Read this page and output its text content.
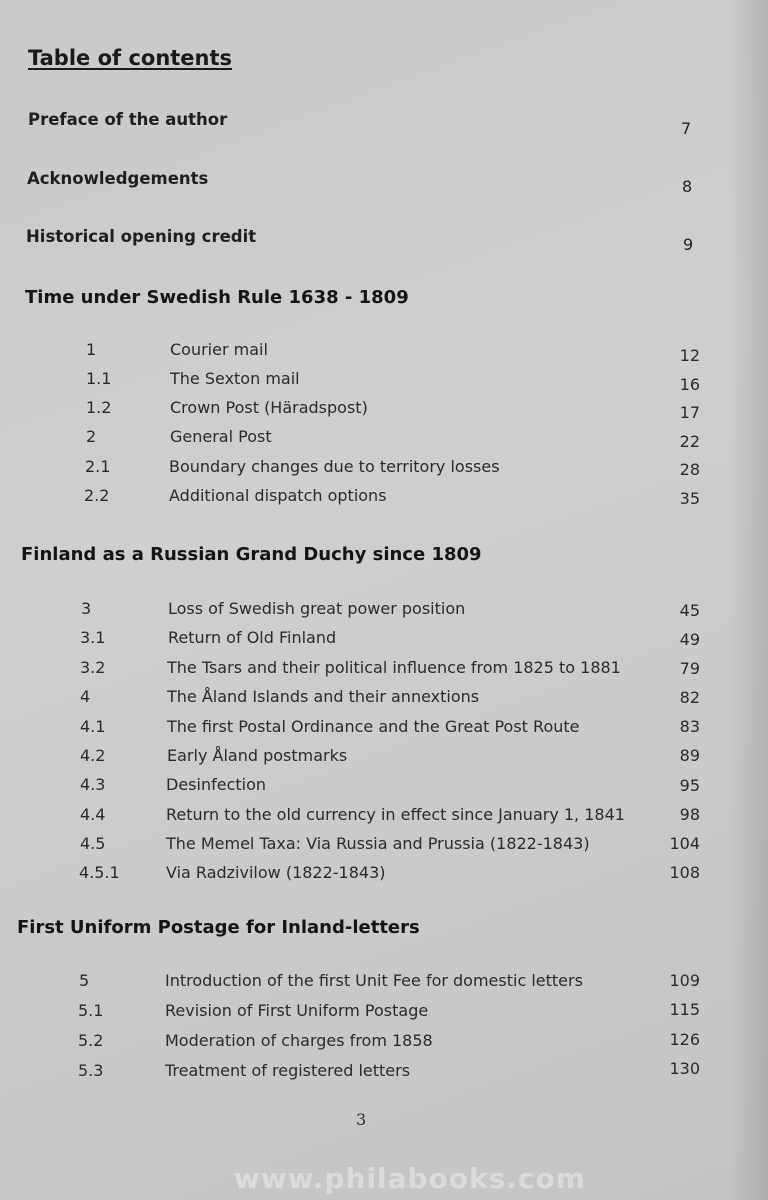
Table of contents
Preface of the author	7
Acknowledgements	8
Historical opening credit	9
Time under Swedish Rule 1638 - 1809
1	Courier mail	12
1.1	The Sexton mail	16
1.2	Crown Post (Häradspost)	17
2	General Post	22
2.1	Boundary changes due to territory losses	28
2.2	Additional dispatch options	35
Finland as a Russian Grand Duchy since 1809
3	Loss of Swedish great power position	45
3.1	Return of Old Finland	49
3.2	The Tsars and their political influence from 1825 to 1881	79
4	The Åland Islands and their annextions	82
4.1	The first Postal Ordinance and the Great Post Route	83
4.2	Early Åland postmarks	89
4.3	Desinfection	95
4.4	Return to the old currency in effect since January 1, 1841	98
4.5	The Memel Taxa: Via Russia and Prussia (1822-1843)	104
4.5.1	Via Radzivilow (1822-1843)	108
First Uniform Postage for Inland-letters
5	Introduction of the first Unit Fee for domestic letters	109
5.1	Revision of First Uniform Postage	115
5.2	Moderation of charges from 1858	126
5.3	Treatment of registered letters	130
3
www.philabooks.com
